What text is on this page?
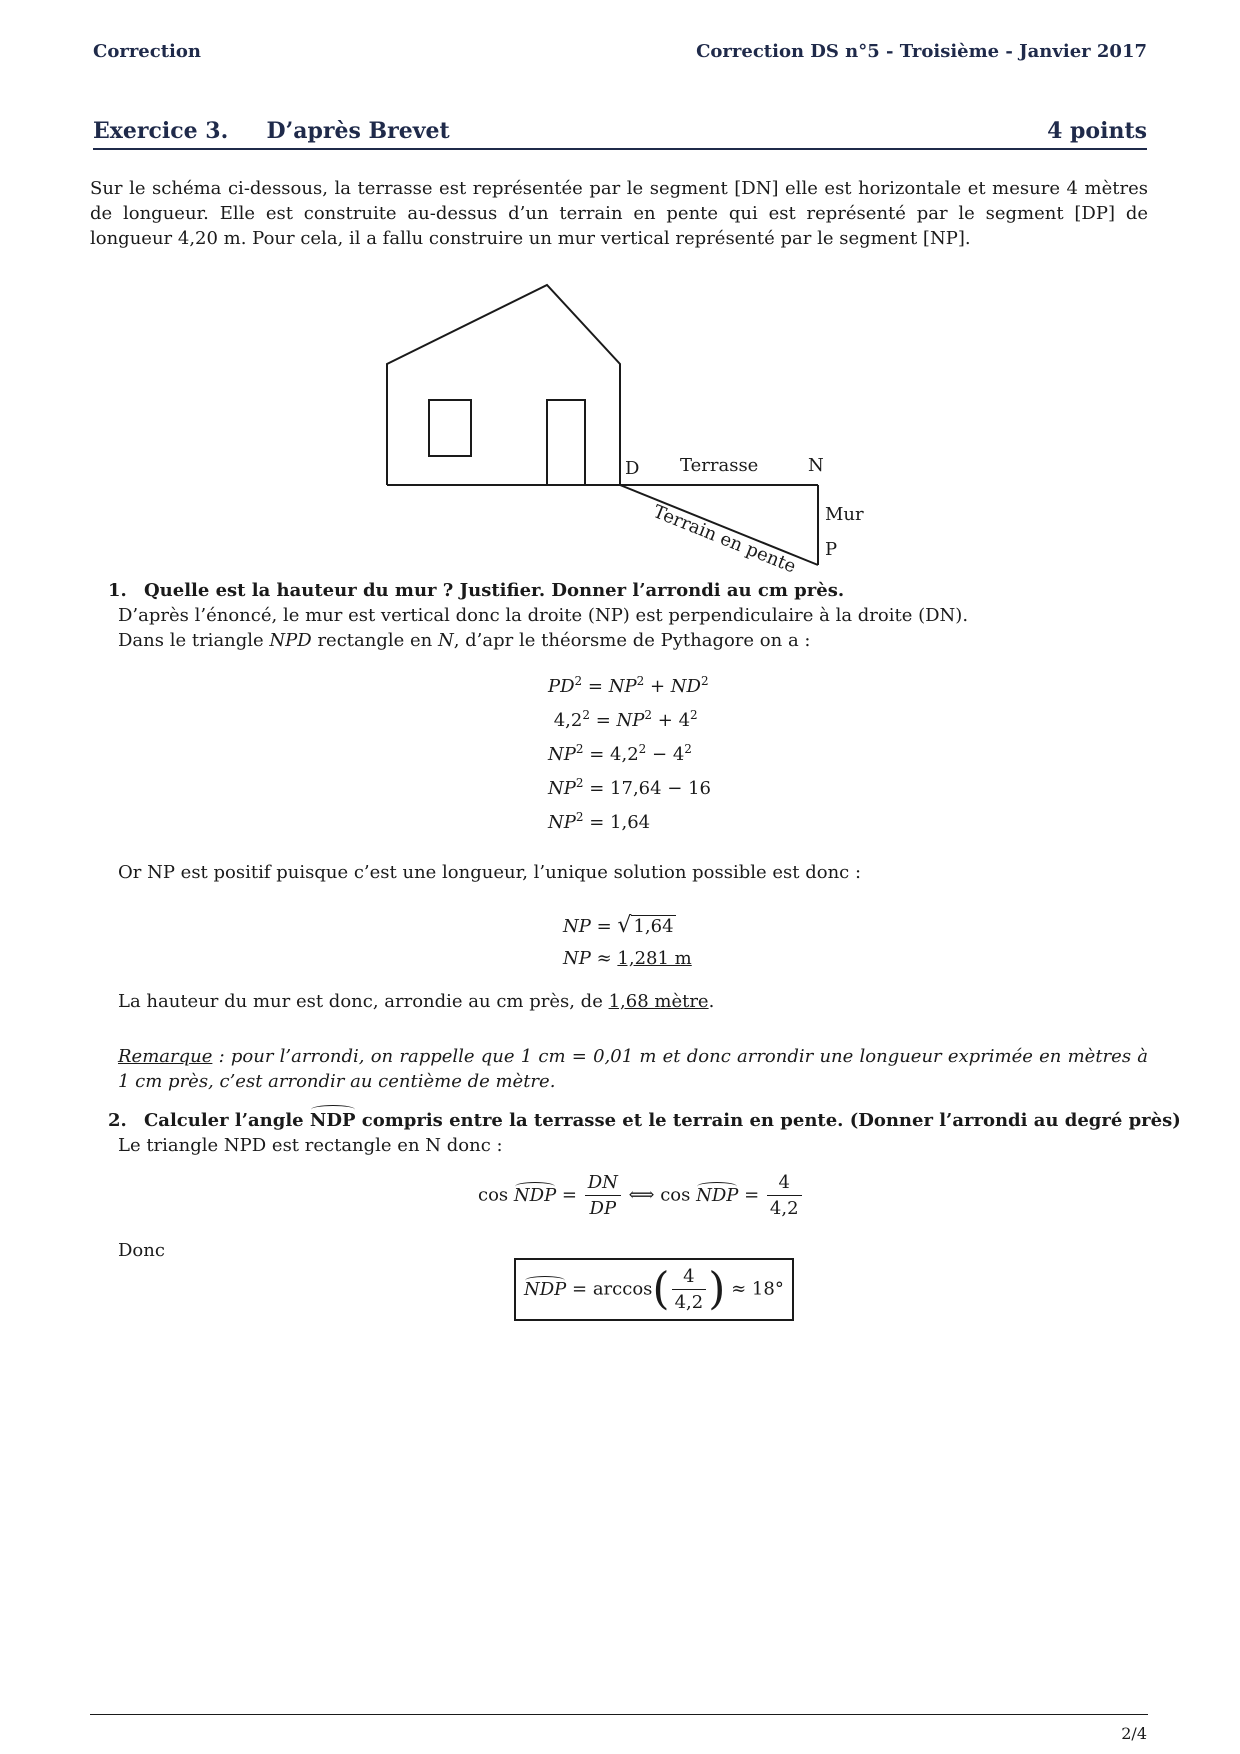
Correction	Correction DS n°5 - Troisième - Janvier 2017
Exercice 3.     D’après Brevet	4 points
Sur le schéma ci-dessous, la terrasse est représentée par le segment [DN] elle est horizontale et mesure 4 mètres de longueur. Elle est construite au-dessus d’un terrain en pente qui est représenté par le segment [DP] de longueur 4,20 m. Pour cela, il a fallu construire un mur vertical représenté par le segment [NP].
D Terrasse	N
Mur
P
Terrain en pente
1. Quelle est la hauteur du mur ? Justifier. Donner l’arrondi au cm près.
D’après l’énoncé, le mur est vertical donc la droite (NP) est perpendiculaire à la droite (DN).
Dans le triangle NPD rectangle en N, d’apr le théorsme de Pythagore on a :
$PD^2 = NP^2 + ND^2$
$4,2^2 = NP^2 + 4^2$
$NP^2 = 4,2^2 - 4^2$
$NP^2 = 17,64 - 16$
$NP^2 = 1,64$
Or NP est positif puisque c’est une longueur, l’unique solution possible est donc :
NP = √ 1,64
NP ≈ 1,281 m
La hauteur du mur est donc, arrondie au cm près, de 1,68 mètre.
Remarque : pour l’arrondi, on rappelle que 1 cm = 0,01 m et donc arrondir une longueur exprimée en mètres à 1 cm près, c’est arrondir au centième de mètre.
2. Calculer l’angle NDP compris entre la terrasse et le terrain en pente. (Donner l’arrondi au degré près)
Le triangle NPD est rectangle en N donc :
cos NDP = $\frac{DN}{DP}$ ⟺ cos NDP = $\frac{4}{4,2}$
Donc
NDP = $\arccos( \frac{4}{4,2}$ ) ≈ 18°
2/4
